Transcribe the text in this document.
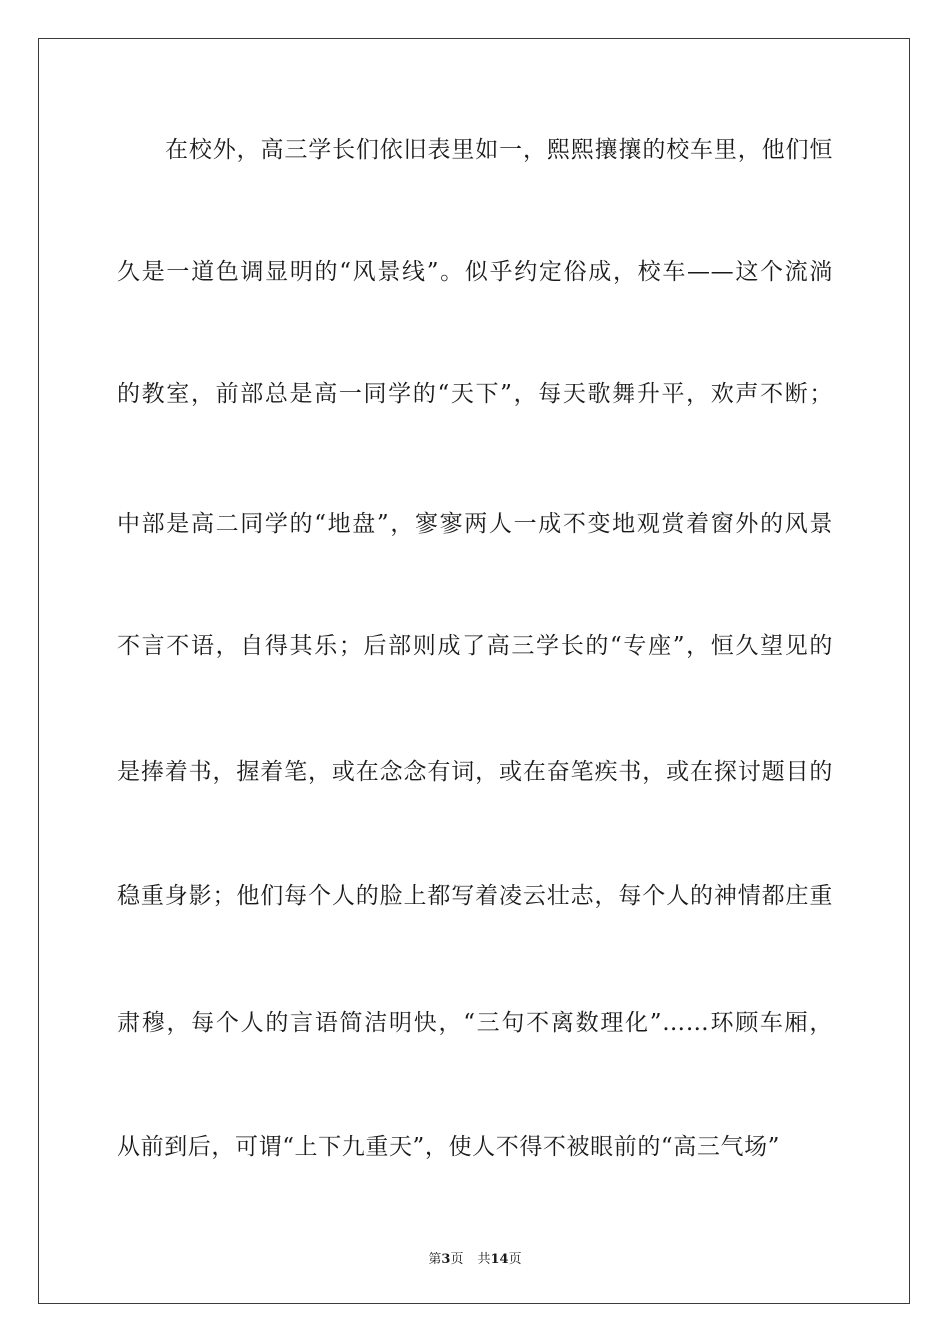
在校外，高三学长们依旧表里如一，熙熙攘攘的校车里，他们恒

久是一道色调显明的“风景线”。似乎约定俗成，校车——这个流淌

的教室，前部总是高一同学的“天下”，每天歌舞升平，欢声不断；

中部是高二同学的“地盘”，寥寥两人一成不变地观赏着窗外的风景

不言不语，自得其乐；后部则成了高三学长的“专座”，恒久望见的

是捧着书，握着笔，或在念念有词，或在奋笔疾书，或在探讨题目的

稳重身影；他们每个人的脸上都写着凌云壮志，每个人的神情都庄重

肃穆，每个人的言语简洁明快，“三句不离数理化”……环顾车厢，

从前到后，可谓“上下九重天”，使人不得不被眼前的“高三气场”

第3页 共14页
